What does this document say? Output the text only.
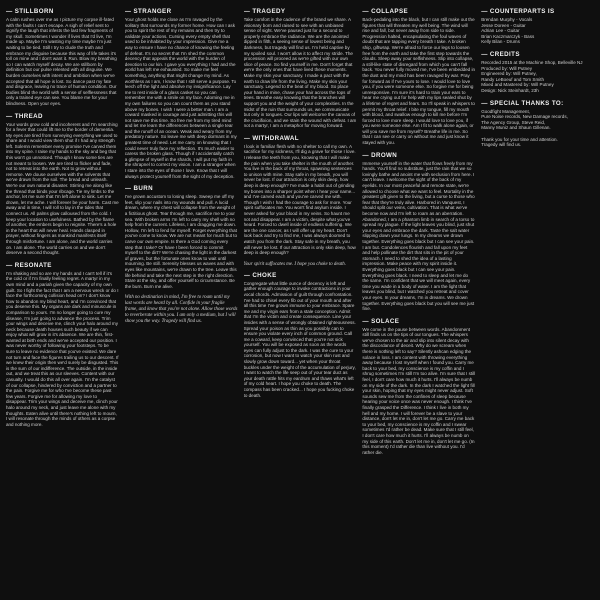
— STILLBORN

A calm rushes over me as I picture my corpse ill-fated with the faults I can't escape. A sigh of relief sent to signify the laugh that infests the last few fragments of my skull. Sometimes I wonder if lives that I'd live, I'm made up. Maybe I'm wasting my time maybe I'm just waiting to be tied. Still I try to clude the truth and embrace my disguise because this way of life takes it's toll on mine and I don't want it. Run. Blow my breathing so I can watch myself decay. We are stillborn by definition but our pulse relented with all disguise. We burden ourselves with intent and ambition when we've accepted that all hope is lost. So dance past my fate and disgrace, leaving no trace of human condition. Our bodies blind the world with a sense of selflessness that only a trained eye can see. You blame me for your blindness. Open your eyes.

— THREAD

Your words grow cold and incoherent and I'm searching for a fever that could lift me to the border of dementia. My eyes are tired from surveying everything we used to share and I would view them shut if I had any strength left. Solemn remember every promise I've carved them into my spine. I raise my hands to the sky and beg that this won't go unnoticed. Though I know some ties are not meant to loosen. We are tired to flicker and fade, not to retreat into the earth. Not to grow without remorse. We douse ourselves with the solvents that we've drawn from the soil. The bread and unleash. We're our own natural disaster. Stirring me along like the thread that binds your ribcage. Tie my limbs to the anchor, let me sure that I'm left alone to sink. Let me drown, let me ache. I will forever be your harm. Cast me away and in time, I will roll to lay in the tides that connect us. All palms glow calloused from the cold. I keep your location to usefulness. Bathed by the flame of another, the embers begin to reignite. There's a hole in the heart that will never heal. Hands clasped in prayer, without fingers as mankind manifests itself through misfortune. I am alone, and the world carries on. I am alone. The world carries on and we don't deserve a second thought.

— RESONATE

I'm shaking and so are my hands and I can't tell if it's the cold or if I'm finally feeling regret. A martyr in my own mind and a pariah given the capacity of my own guilt. So I fight the fact that I am a nervous wreck or do I face the forthcoming collision head on? I don't know how to abandon my blind heart, and I'm convinced that you deserve this. My organs are dark and minuscule in comparison to yours. I'm no longer going to cure my disease, I'm just going to advance the process. Trim your wings and deceive me, clinch your halo around my neck because death houses such beauty if we can enjoy what will grow in it's absence. We are thin, first-wanted at birth ends and we've accepted our position. I was never worthy of following your footsteps. To be sure to leave no evidence that you've existed. We dare not turn and face the figures trailing us to our descent. If we knew their origin then we'd surely be disgusted. This is the sum of our indifference. The outside, in the inside out, and we treat this as our sleeves. Content with our casualty. I would do this all over again. I'm the catalyst of our collapse, hindered by conviction and a partner to the pain. Forgive me for who I've become these past few years. Forgive me for allowing my love to disappear. Trim your wings and deceive me, clinch your halo around my neck, and just leave me alone with my thoughts. Eaten alive until there's nothing left to mourn, I will resonate through the minds of others as a corpse and nothing more.

— STRANGER

Your ghost holds me close as I'm ravaged by the solitary that surrounds my former home. How can I ask you to spirit the rest of my remains and then try to validate your actions. Cursing every empty shell that used to be inhabited by your impression. Give me a way to ensure I have no chance of knowing the feeling of defeat. It's no secret that I'm shed the common decency that appeals the world with the burden of devotion to our kin. I gave you everything I had and the world has left me exhausted. So make me feel something, anything that might change my mind. As worthless as I am, I know that I still serve a purpose. To leech off the light and absolve my insignificance. Lay me to rest inside of a glass casket so you can remember me with a smile on my face. Adorning me in my own failures so you can count them as you stand above my bones. I wish I were a better man. I am a coward masked in courage and just admitting this will not save me this time. So free me from my tired mind and let me learn the differences between a single tear and the runoff of an ocean. Weak and weary from my predatory nature. So leave me with deep dormant in my greatest time of need. Let me carry on knowing that I could never truly face my reflection. It's much easier to caress the broken glass. Though if I accidentally catch a glimpse of myself in the shards, I will put my faith in the shrapnel to correct my vision. I am a stranger when I stare into the eyes of those I love. Know that I will always protect yourself from the sight of my deception.

— BURN

I've grown accustom to losing sleep. Sweep me off my feet, slip your nails into my wounds and pull. A lucid dream, where my chest will collapse from the weight of a fictitious ghost. Tear through me, sacrifice me to your sea. With broken arms I'm left to carry my shell with no help from the current. Lifeless, I am dragging me down. Hollow, I'm left to fend for myself. Forget everything that you've come to know. We are not meant for much but to carve our own empire. Is there a God coming every step that I take? Or have I been forced to commit myself to the dirt? We're chasing the light in the darkest of graves, but the fortunate ones know to wait until mourning. Be still. Serenity blesses us waves and with eyes like mountains, we're drawn to the tree. Leave this life behind and take the next step in the right direction. Stare at the sky, and offer yourself to circumstance. Be the burn. Burn me alive.

With no destination in mind, I'm free to roam until my last words are heard by all. Confide in your fragile frame, and know that you're not alone. Allow those words to reverberate within you. I am only a medium, but I will show you the way. Tragedy will find us.

— TRAGEDY

Take comfort in the cadence of the brand we share. A visionary born and raised to see with an unbiased sense of sight. We've paused just for a second to properly embrace the radiance. We are the anointed dipped in filth, a seeing sense of lowest being and darkness, but tragedy will find us. I'm held captive by my spoiled soul. I won't allow it to affect my stride. The procession will proceed as we're gifted with our own slice of peace. So find yourself in me. Don't forget that we're the only ones that have lived these moments. Make my skin your sanctuary. I made a pact with the earth to draw life from the living. Make my skin your sanctuary. Legend to the beat of my blood. So place your hand in mine, chase your hair across the tops of trees. Breathe easy knowing that the branches will support you and the weight of your complexities. In the midst of the ruin that surrounds us, we communicate but only in tongues. Our lips will welcome the canvas of the crucifixion, and we stain the wound with defeat. I am not a martyr, I am a metaphor for moving forward.

— WITHDRAWAL

I look in familiar flesh with no shelter to call my own. A sacrifice for my sickness, I'll dig a grave for those I love. I release the teeth from you, knowing that I will make the pain when you take shelter in the mouth of another. You live in the back of my throat, spawning sentences to unison with mine. Stay safe in my breath, you will never be lost. If our attraction is only skin deep, how deep is deep enough? I've made a habit out of grinding my bones into a sharper point when I hear your name... and I've carved each and you've carved me with. Though I wish I had the courage to ask for more. Your spirit suffocates me. You won't find asylum inside. I never asked for your blood in my veins. So haunt me not and disappear. I am a victim, despite what you've heard. Forced to dwell inside of endless suffering. We are the one cancer, as I will offer up my heart. Don't look back and try to find me, I was always doomed to watch you from the dark. Stay safe in my breath, you will never be lost. If our attraction is only skin deep, how deep is deep enough?

Your spirit suffocates me. I hope you choke to death.

— CHOKE

Congregate what little ounce of decency is left and gather enough courage to invoke contractions in your vocal chords. Admission of guilt through confrontation. I've had to chisel every fib out of your mouth and after all this time I've grown immune to your embrace. Spare me and my virgin ears from a stale conception. Admit that I'm the victim and create consequence. Line your insides with a sense of wrongly obtained righteousness. Spread your poison as thin as you possibly can to ensure you violate every inch of common ground. Call me a coward, keep convinced that you're not sick yourself. You will be exposed as soon as the words eyes can fully adjust to the dark. I was the cure to your corrosion, but now I want to watch your skin rust and slowly grow down toward... yet when your throat buckles under the weight of the accumulation of perjury, I want to watch the life seep out of your tear duct as your death rattle hits my eardrum and thaws what's left of my cold heart. I hope you choke to death. The compass has been cracked... I hope you fucking choke to death.

— COLLAPSE

Back-pedaling into the black, but I can still make out the figures that will threaten my well being. The wind will rise and fall, but never away from side to side. Progression halted, encapsulating the foul waves of doubt that are tapping every breath I take. A broken ship, giftwrap. We're afraid to force our legs to loosen free from the earth and take the first step towards the clouds. Sleep away your selfishness. Slip into collapse, a still-like state of disregard from which you can't fall back. You never fully moved me, I've been embedded in the dust and my mind has been ravaged by war. Pray for forward as if I've yours to lose. I would love to love you, if you were someone else. So forgive me for being unresponsive. I'm sure it's hard to train your ears to hear me crying out for help with my lips sealed shut by a lifetime of regret and fears. So I'll speak in whispers to permit my throat relief. I bite my tongue, fill my mouth with blood, and swallow enough to kill me before I'm forced to love more sleep. I would love to love you, if you were someone else. Am I fit to walk alone again, or will you save me from myself? Breathe life in me. So that I can see or carry on without me and just know it stayed with you.

— DROWN

Immerse yourself in the water that flows freely from my hands. You'll find no substitute, just the rain that we so lovingly bathe and anoint me with seclusion from here. I can't leave. I welcome the sight of the back of my eyelids. In our most peaceful and remote state, we're allowed to choose what we want to feel. Mortality in the greatest gift given to the living, but a curse to those who fear that they're truly alive. Harbored in Vanquest, I should split our veins, cultivation. That is what we've become now and I'm left to roam as an aberration. Abandoned, I am a phantom limb in search of a torso to spread my plague. If the light leaves you blind, just shut your eyes and embrace the dark. Taste the salt water slipping down your lungs. In my dreams we drown together. Everything goes black but I can see your pain. I am but. Condolences flourish and fall upon my feet and help pollinate the dirt that sits in the pit of your stomach. I need to shed the idea of a lasting impression. Make peace with my spirit inside it. Everything goes black but I can see your pain. Everything goes black. I need to sleep and let me do the same. I'm confident that we will meet again, every time you wade in a body of water. I am the light that leaves you blind, but I watched you retreat and cover your eyes. In your dreams, I'm in dreams. We drown together. Everything goes black but you will see me just fine.

— SOLACE

We come in the pause between words. Abandonment still finds us on the tips of our tongues. The whispers we've chosen to the air and slip into silent decay with the discordance of deceit. Why do we scream when there is nothing left to say? Silently ashcan edging the solace in loss. I am content with throwing everything away because I lost myself when I found you. Carry me back to your bed, my conscience is my coffin and I shrug sometimes I'm still I'm too alive. I'm sure that I still feel, I don't care how much it hurts. I'll always be numb on my side of the dark. In the dark I watched the light fill your skin, hoping that my eyes might never adjust. Soft sounds sew me from the confines of sleep because hearing your voice once was never enough. I think I've finally grasped the Difference. I think I live in both my hell and my home. I will forever be a slave to your distance, don't let me in, don't let me go. Carry me back to your bed, my conscience is my coffin and I swear sometimes I'd rather be dead. Make sure that I still feel, I don't care how much it hurts. I'll always be numb on my side of this earth. Don't let me in, don't let me go. (In this moment) I'd rather die than live without you. I'd rather die.

— COUNTERPARTS IS
Brendan Murphy - Vocals
Jesse Doreen - Guitar
Adrian Lee - Guitar
Brian Kaczmarczyk - Bass
Kelly Bilan - Drums
— CREDITS
Recorded 2015 at the Machine Shop, Belleville NJ
Produced by: Will Putney
Engineered by: Will Putney,
Randy LeBoeuf and Tom Smith
Mixed and Mastered by: Will Putney
Design: Nick Steinhardt, 23h
— SPECIAL THANKS TO:
Goodfight Management,
Pure Noise records, New Damage records,
The Agency Group, Steve Reid,
Manny Muniz and Shaun Gillenan.
Thank you for your time and attention.
Tragedy will find us.
